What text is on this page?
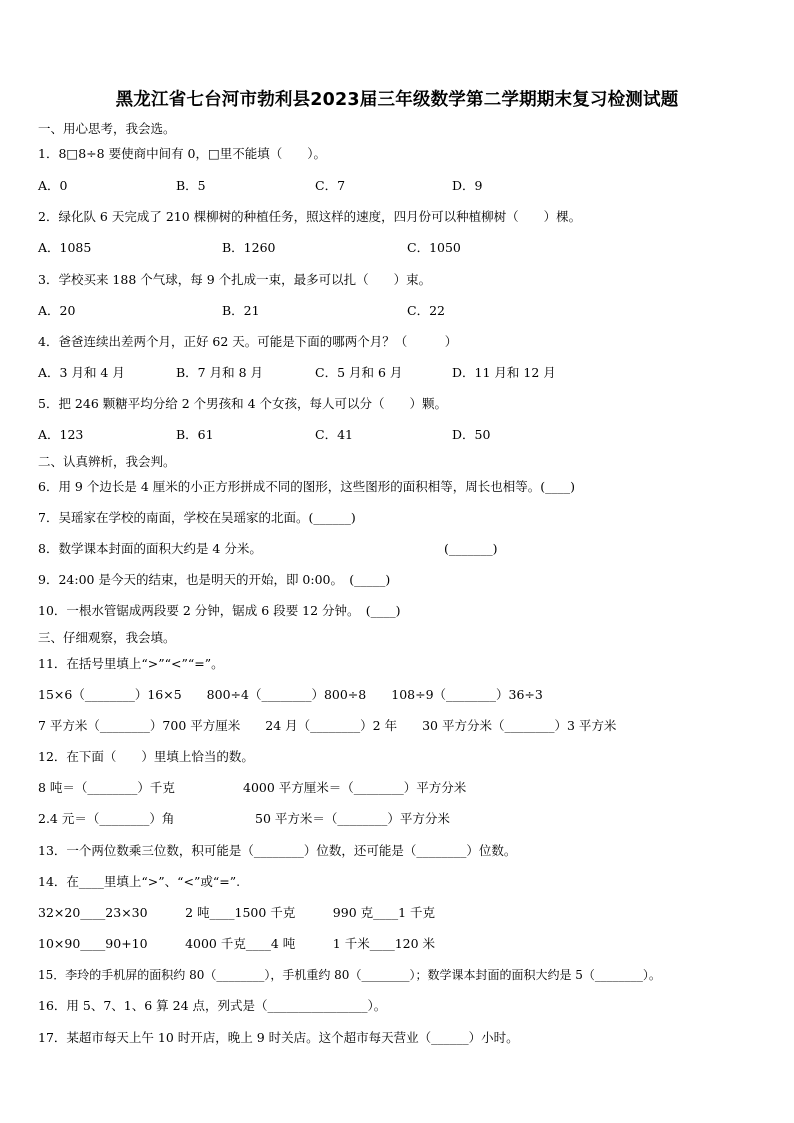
黑龙江省七台河市勃利县2023届三年级数学第二学期期末复习检测试题
一、用心思考，我会选。
1．8□8÷8 要使商中间有 0，□里不能填（　　）。
A．0	B．5	C．7	D．9
2．绿化队 6 天完成了 210 棵柳树的种植任务，照这样的速度，四月份可以种植柳树（　　）棵。
A．1085	B．1260	C．1050
3．学校买来 188 个气球，每 9 个扎成一束，最多可以扎（　　）束。
A．20	B．21	C．22
4．爸爸连续出差两个月，正好 62 天。可能是下面的哪两个月？（　　　）
A．3 月和 4 月	B．7 月和 8 月	C．5 月和 6 月	D．11 月和 12 月
5．把 246 颗糖平均分给 2 个男孩和 4 个女孩，每人可以分（　　）颗。
A．123	B．61	C．41	D．50
二、认真辨析，我会判。
6．用 9 个边长是 4 厘米的小正方形拼成不同的图形，这些图形的面积相等，周长也相等。(____)
7．吴瑶家在学校的南面，学校在吴瑶家的北面。(______)
8．数学课本封面的面积大约是 4 分米。	(_______)
9．24:00 是今天的结束，也是明天的开始，即 0:00。　(_____)
10．一根水管锯成两段要 2 分钟，锯成 6 段要 12 分钟。　(____)
三、仔细观察，我会填。
11．在括号里填上“>”“<”“=”。
15×6（________）16×5　　800÷4（________）800÷8　　108÷9（________）36÷3
7 平方米（________）700 平方厘米　　24 月（________）2 年　　30 平方分米（________）3 平方米
12．在下面（　　）里填上恰当的数。
8 吨＝（________）千克	4000 平方厘米＝（________）平方分米
2.4 元＝（________）角	50 平方米＝（________）平方分米
13．一个两位数乘三位数，积可能是（________）位数，还可能是（________）位数。
14．在____里填上“>”、“<”或“=”.
32×20____23×30　　　2 吨____1500 千克　　　990 克____1 千克
10×90____90+10　　　4000 千克____4 吨　　　1 千米____120 米
15．李玲的手机屏的面积约 80（________），手机重约 80（________）；数学课本封面的面积大约是 5（________）。
16．用 5、7、1、6 算 24 点，列式是（________________）。
17．某超市每天上午 10 时开店，晚上 9 时关店。这个超市每天营业（______）小时。
